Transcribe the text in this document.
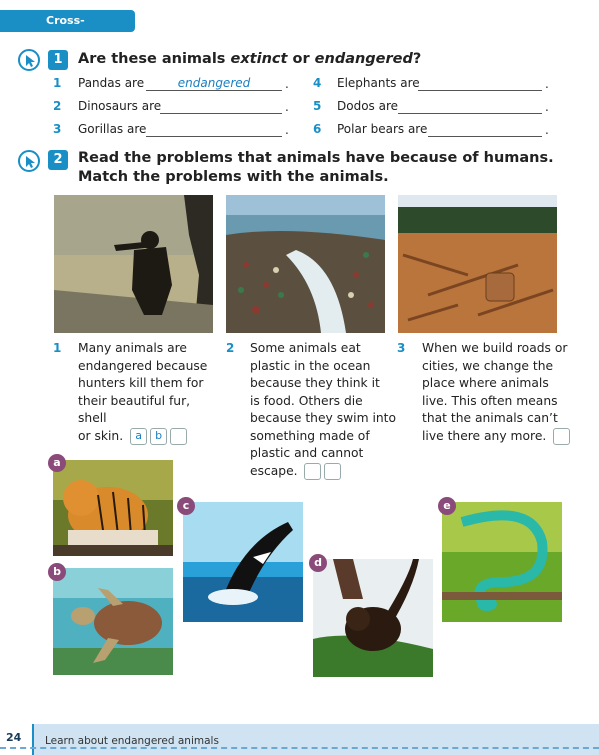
Cross-curricular
1	Are these animals extinct or endangered?
1 Pandas are	endangered	.
2 Dinosaurs are	.
3 Gorillas are	.
4 Elephants are	.
5 Dodos are	.
6 Polar bears are	.
2	Read the problems that animals have because of humans.
Match the problems with the animals.
1 Many animals are
endangered because
hunters kill them for
their beautiful fur, shell
or skin. a b
2 Some animals eat
plastic in the ocean
because they think it
is food. Others die
because they swim into
something made of
plastic and cannot
escape.
3 When we build roads or
cities, we change the
place where animals
live. This often means
that the animals can’t
live there any more.
a
b
c
d
e
24 Learn about endangered animals
